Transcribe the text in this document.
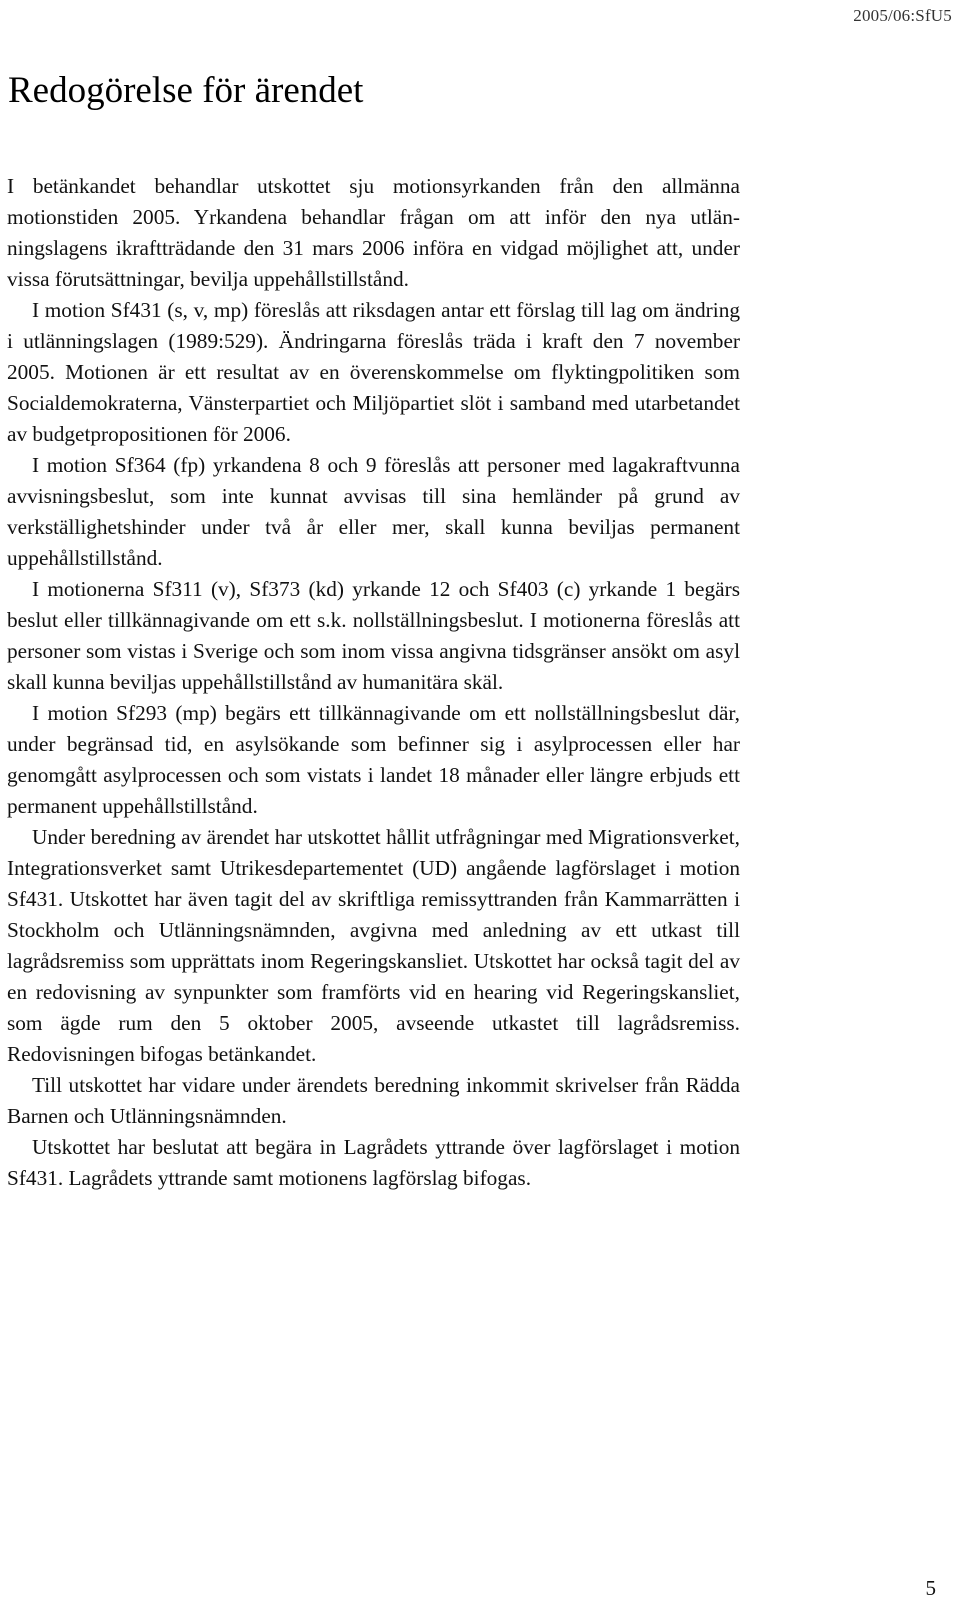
2005/06:SfU5
Redogörelse för ärendet

I betänkandet behandlar utskottet sju motionsyrkanden från den allmänna motionstiden 2005. Yrkandena behandlar frågan om att inför den nya utlänningslagens ikraftträdande den 31 mars 2006 införa en vidgad möjlighet att, under vissa förutsättningar, bevilja uppehållstillstånd.

I motion Sf431 (s, v, mp) föreslås att riksdagen antar ett förslag till lag om ändring i utlänningslagen (1989:529). Ändringarna föreslås träda i kraft den 7 november 2005. Motionen är ett resultat av en överenskommelse om flyktingpolitiken som Socialdemokraterna, Vänsterpartiet och Miljöpartiet slöt i samband med utarbetandet av budgetpropositionen för 2006.

I motion Sf364 (fp) yrkandena 8 och 9 föreslås att personer med lagakraftvunna avvisningsbeslut, som inte kunnat avvisas till sina hemländer på grund av verkställighetshinder under två år eller mer, skall kunna beviljas permanent uppehållstillstånd.

I motionerna Sf311 (v), Sf373 (kd) yrkande 12 och Sf403 (c) yrkande 1 begärs beslut eller tillkännagivande om ett s.k. nollställningsbeslut. I motionerna föreslås att personer som vistas i Sverige och som inom vissa angivna tidsgränser ansökt om asyl skall kunna beviljas uppehållstillstånd av humanitära skäl.

I motion Sf293 (mp) begärs ett tillkännagivande om ett nollställningsbeslut där, under begränsad tid, en asylsökande som befinner sig i asylprocessen eller har genomgått asylprocessen och som vistats i landet 18 månader eller längre erbjuds ett permanent uppehållstillstånd.

Under beredning av ärendet har utskottet hållit utfrågningar med Migrationsverket, Integrationsverket samt Utrikesdepartementet (UD) angående lagförslaget i motion Sf431. Utskottet har även tagit del av skriftliga remissyttranden från Kammarrätten i Stockholm och Utlänningsnämnden, avgivna med anledning av ett utkast till lagrådsremiss som upprättats inom Regeringskansliet. Utskottet har också tagit del av en redovisning av synpunkter som framförts vid en hearing vid Regeringskansliet, som ägde rum den 5 oktober 2005, avseende utkastet till lagrådsremiss. Redovisningen bifogas betänkandet.

Till utskottet har vidare under ärendets beredning inkommit skrivelser från Rädda Barnen och Utlänningsnämnden.

Utskottet har beslutat att begära in Lagrådets yttrande över lagförslaget i motion Sf431. Lagrådets yttrande samt motionens lagförslag bifogas.

5
